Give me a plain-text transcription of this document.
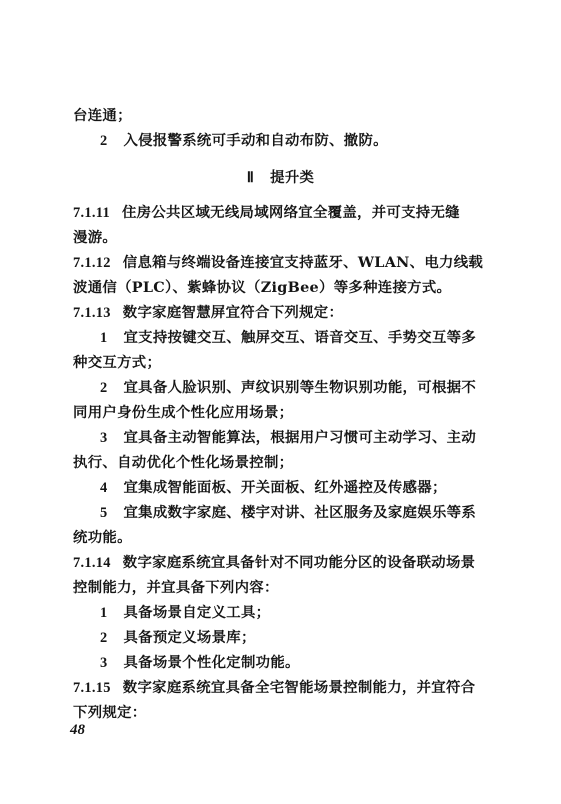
台连通；
2 入侵报警系统可手动和自动布防、撤防。
Ⅱ 提升类
7.1.11 住房公共区域无线局域网络宜全覆盖，并可支持无缝
漫游。
7.1.12 信息箱与终端设备连接宜支持蓝牙、WLAN、电力线载
波通信（PLC）、紫蜂协议（ZigBee）等多种连接方式。
7.1.13 数字家庭智慧屏宜符合下列规定：
1 宜支持按键交互、触屏交互、语音交互、手势交互等多
种交互方式；
2 宜具备人脸识别、声纹识别等生物识别功能，可根据不
同用户身份生成个性化应用场景；
3 宜具备主动智能算法，根据用户习惯可主动学习、主动
执行、自动优化个性化场景控制；
4 宜集成智能面板、开关面板、红外遥控及传感器；
5 宜集成数字家庭、楼宇对讲、社区服务及家庭娱乐等系
统功能。
7.1.14 数字家庭系统宜具备针对不同功能分区的设备联动场景
控制能力，并宜具备下列内容：
1 具备场景自定义工具；
2 具备预定义场景库；
3 具备场景个性化定制功能。
7.1.15 数字家庭系统宜具备全宅智能场景控制能力，并宜符合
下列规定：
48
